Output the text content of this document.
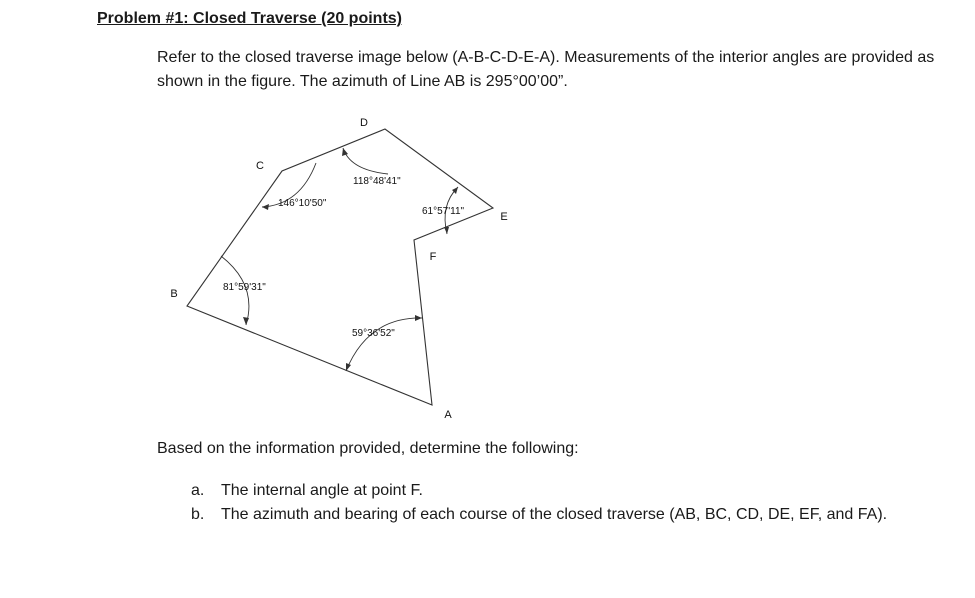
Problem #1: Closed Traverse (20 points)

Refer to the closed traverse image below (A-B-C-D-E-A). Measurements of the interior angles are provided as shown in the figure. The azimuth of Line AB is 295°00’00”.

D
C
E
F
B
A
118°48'41"
146°10'50"
61°57'11"
81°59'31"
59°36'52"

Based on the information provided, determine the following:

a. The internal angle at point F.
b. The azimuth and bearing of each course of the closed traverse (AB, BC, CD, DE, EF, and FA).
